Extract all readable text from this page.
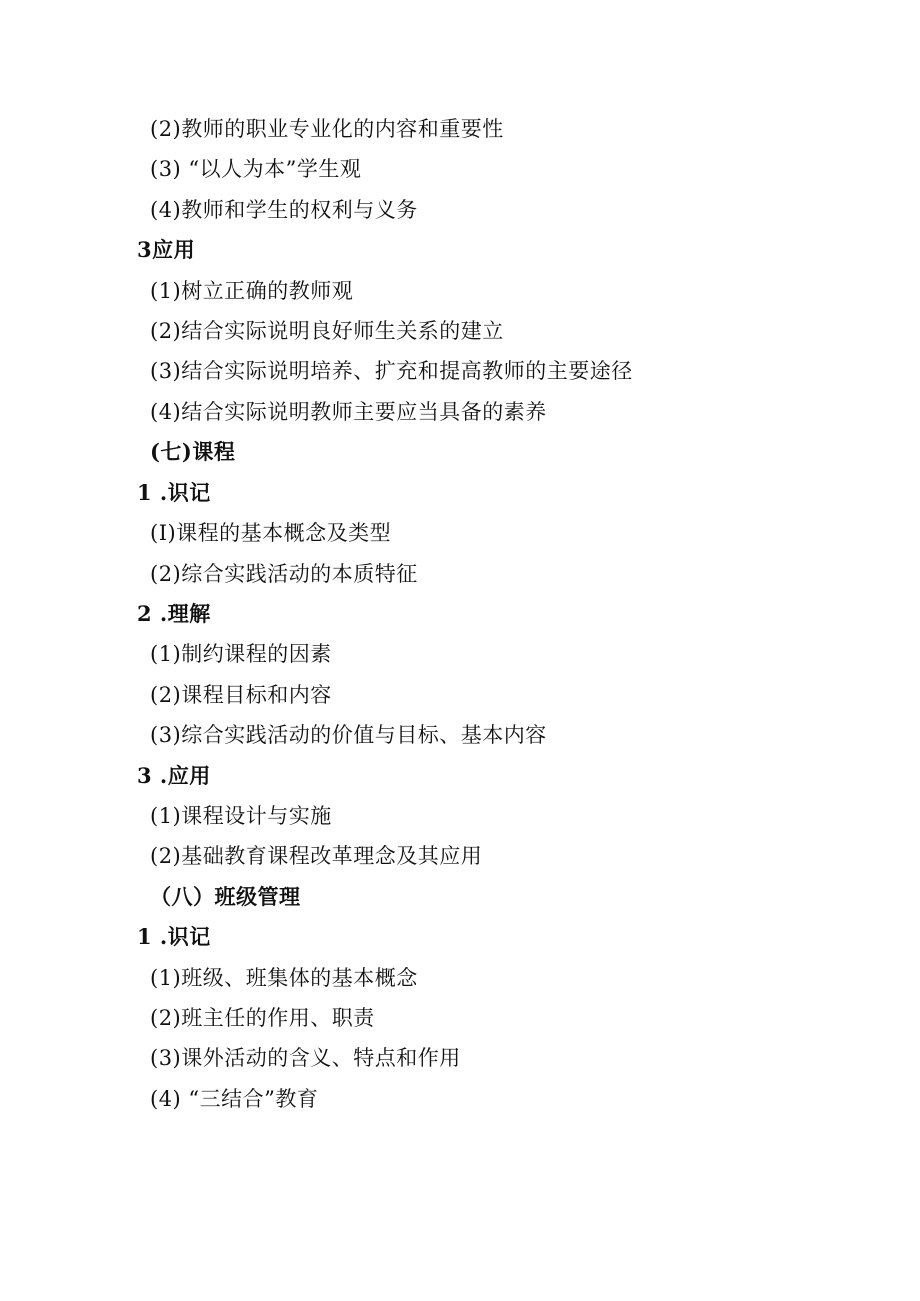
(2)教师的职业专业化的内容和重要性
(3) “以人为本”学生观
(4)教师和学生的权利与义务
3应用
(1)树立正确的教师观
(2)结合实际说明良好师生关系的建立
(3)结合实际说明培养、扩充和提高教师的主要途径
(4)结合实际说明教师主要应当具备的素养
(七)课程
1 .识记
(I)课程的基本概念及类型
(2)综合实践活动的本质特征
2 .理解
(1)制约课程的因素
(2)课程目标和内容
(3)综合实践活动的价值与目标、基本内容
3 .应用
(1)课程设计与实施
(2)基础教育课程改革理念及其应用
（八）班级管理
1 .识记
(1)班级、班集体的基本概念
(2)班主任的作用、职责
(3)课外活动的含义、特点和作用
(4) “三结合”教育
